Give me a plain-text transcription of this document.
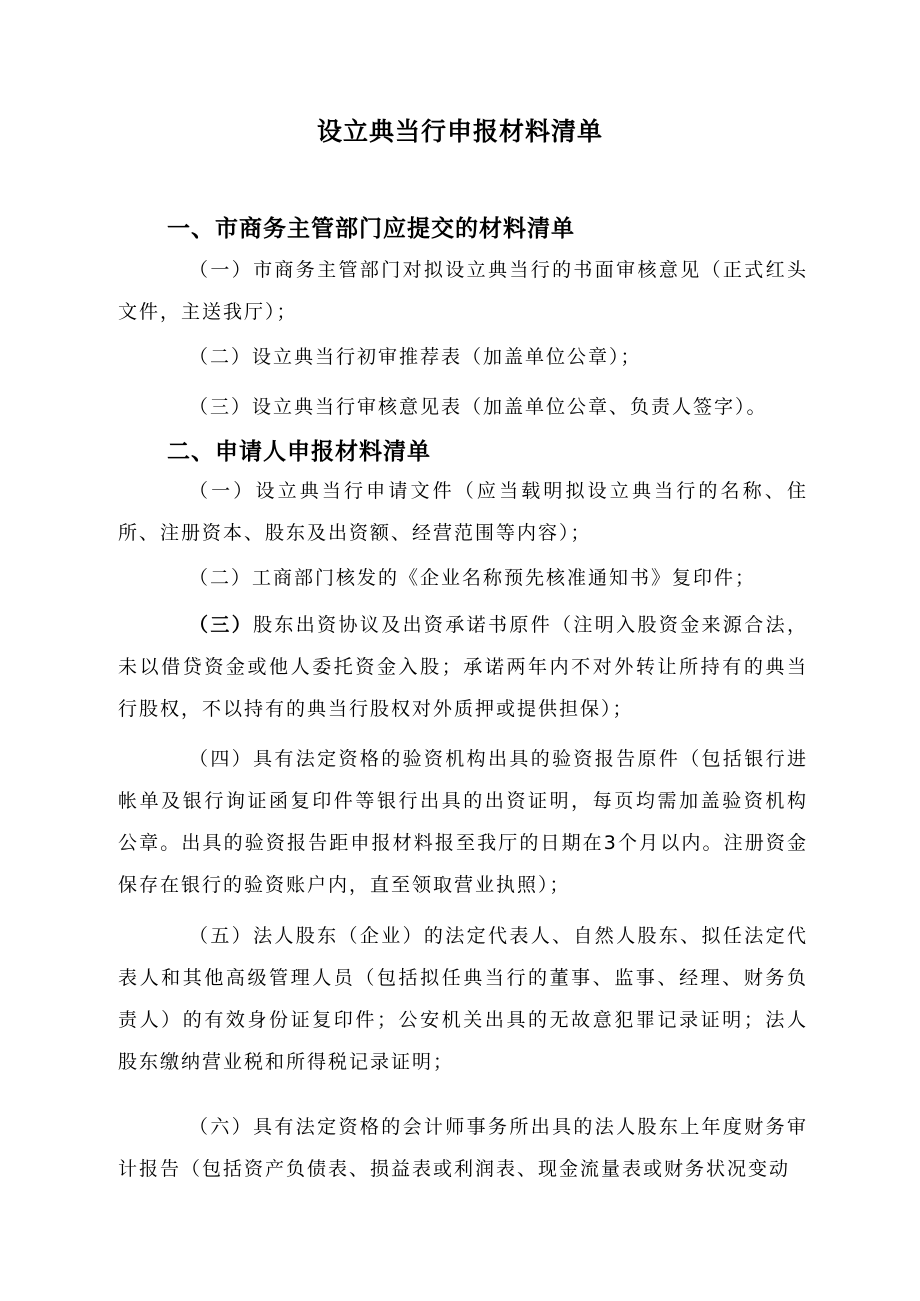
设立典当行申报材料清单
一、市商务主管部门应提交的材料清单
（一）市商务主管部门对拟设立典当行的书面审核意见（正式红头文件，主送我厅）；
（二）设立典当行初审推荐表（加盖单位公章）；
（三）设立典当行审核意见表（加盖单位公章、负责人签字）。
二、申请人申报材料清单
（一）设立典当行申请文件（应当载明拟设立典当行的名称、住所、注册资本、股东及出资额、经营范围等内容）；
（二）工商部门核发的《企业名称预先核准通知书》复印件；
（三）股东出资协议及出资承诺书原件（注明入股资金来源合法，未以借贷资金或他人委托资金入股；承诺两年内不对外转让所持有的典当行股权，不以持有的典当行股权对外质押或提供担保）；
（四）具有法定资格的验资机构出具的验资报告原件（包括银行进帐单及银行询证函复印件等银行出具的出资证明，每页均需加盖验资机构公章。出具的验资报告距申报材料报至我厅的日期在3个月以内。注册资金保存在银行的验资账户内，直至领取营业执照）；
（五）法人股东（企业）的法定代表人、自然人股东、拟任法定代表人和其他高级管理人员（包括拟任典当行的董事、监事、经理、财务负责人）的有效身份证复印件；公安机关出具的无故意犯罪记录证明；法人股东缴纳营业税和所得税记录证明；
（六）具有法定资格的会计师事务所出具的法人股东上年度财务审计报告（包括资产负债表、损益表或利润表、现金流量表或财务状况变动
